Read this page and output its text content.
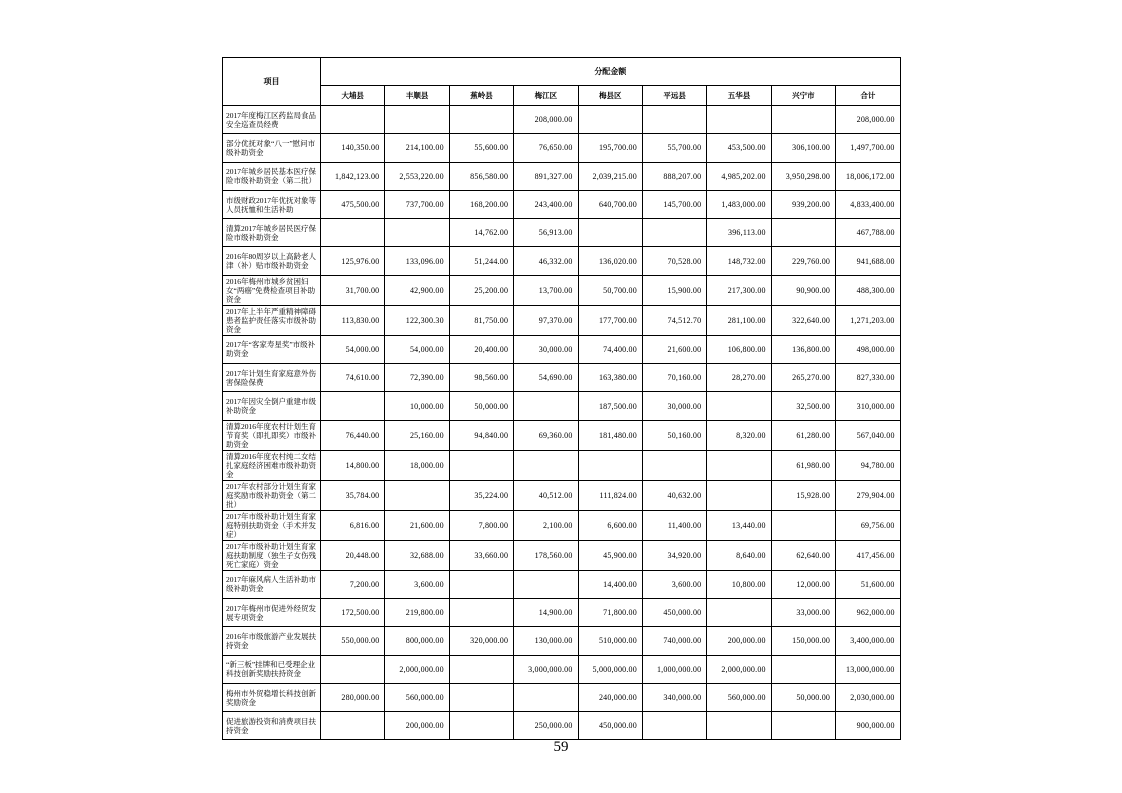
项目	分配金额								
	大埔县	丰顺县	蕉岭县	梅江区	梅县区	平远县	五华县	兴宁市	合计
2017年度梅江区药监局食品安全巡查员经费				208,000.00					208,000.00
部分优抚对象“八一”慰问市级补助资金	140,350.00	214,100.00	55,600.00	76,650.00	195,700.00	55,700.00	453,500.00	306,100.00	1,497,700.00
2017年城乡居民基本医疗保险市级补助资金（第二批）	1,842,123.00	2,553,220.00	856,580.00	891,327.00	2,039,215.00	888,207.00	4,985,202.00	3,950,298.00	18,006,172.00
市级财政2017年优抚对象等人员抚恤和生活补助	475,500.00	737,700.00	168,200.00	243,400.00	640,700.00	145,700.00	1,483,000.00	939,200.00	4,833,400.00
清算2017年城乡居民医疗保险市级补助资金			14,762.00	56,913.00			396,113.00		467,788.00
2016年80周岁以上高龄老人津（补）贴市级补助资金	125,976.00	133,096.00	51,244.00	46,332.00	136,020.00	70,528.00	148,732.00	229,760.00	941,688.00
2016年梅州市城乡贫困妇女“两癌”免费检查项目补助资金	31,700.00	42,900.00	25,200.00	13,700.00	50,700.00	15,900.00	217,300.00	90,900.00	488,300.00
2017年上半年严重精神障碍患者监护责任落实市级补助资金	113,830.00	122,300.30	81,750.00	97,370.00	177,700.00	74,512.70	281,100.00	322,640.00	1,271,203.00
2017年“客家寿星奖”市级补助资金	54,000.00	54,000.00	20,400.00	30,000.00	74,400.00	21,600.00	106,800.00	136,800.00	498,000.00
2017年计划生育家庭意外伤害保险保费	74,610.00	72,390.00	98,560.00	54,690.00	163,380.00	70,160.00	28,270.00	265,270.00	827,330.00
2017年因灾全倒户重建市级补助资金		10,000.00	50,000.00		187,500.00	30,000.00		32,500.00	310,000.00
清算2016年度农村计划生育节育奖（即扎即奖）市级补助资金	76,440.00	25,160.00	94,840.00	69,360.00	181,480.00	50,160.00	8,320.00	61,280.00	567,040.00
清算2016年度农村纯二女结扎家庭经济困难市级补助资金	14,800.00	18,000.00						61,980.00	94,780.00
2017年农村部分计划生育家庭奖励市级补助资金（第二批）	35,784.00		35,224.00	40,512.00	111,824.00	40,632.00		15,928.00	279,904.00
2017年市级补助计划生育家庭特别扶助资金（手术并发症）	6,816.00	21,600.00	7,800.00	2,100.00	6,600.00	11,400.00	13,440.00		69,756.00
2017年市级补助计划生育家庭扶助制度（独生子女伤残死亡家庭）资金	20,448.00	32,688.00	33,660.00	178,560.00	45,900.00	34,920.00	8,640.00	62,640.00	417,456.00
2017年麻风病人生活补助市级补助资金	7,200.00	3,600.00			14,400.00	3,600.00	10,800.00	12,000.00	51,600.00
2017年梅州市促进外经贸发展专项资金	172,500.00	219,800.00		14,900.00	71,800.00	450,000.00		33,000.00	962,000.00
2016年市级旅游产业发展扶持资金	550,000.00	800,000.00	320,000.00	130,000.00	510,000.00	740,000.00	200,000.00	150,000.00	3,400,000.00
“新三板”挂牌和已受理企业科技创新奖励扶持资金		2,000,000.00		3,000,000.00	5,000,000.00	1,000,000.00	2,000,000.00		13,000,000.00
梅州市外贸稳增长科技创新奖励资金	280,000.00	560,000.00			240,000.00	340,000.00	560,000.00	50,000.00	2,030,000.00
促进旅游投资和消费项目扶持资金		200,000.00		250,000.00	450,000.00				900,000.00
59
